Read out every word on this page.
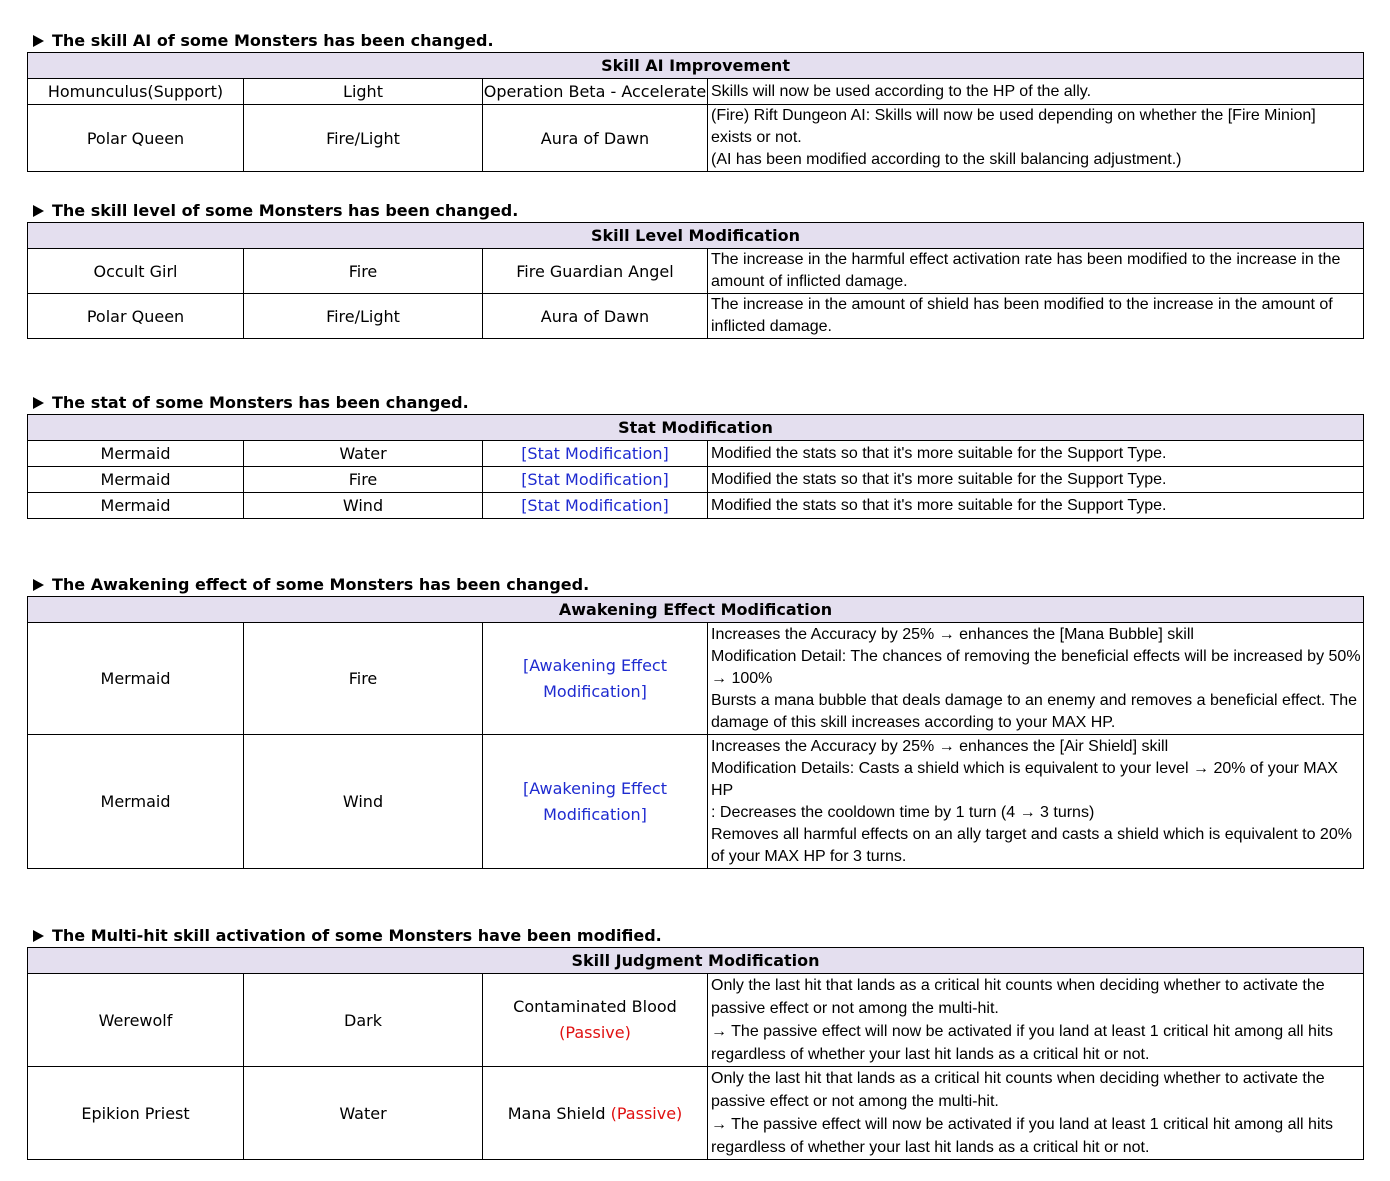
The skill AI of some Monsters has been changed.
Skill AI Improvement			
Homunculus(Support)	Light	Operation Beta - Accelerate	Skills will now be used according to the HP of the ally.

Polar Queen	Fire/Light	Aura of Dawn	(Fire) Rift Dungeon AI: Skills will now be used depending on whether the [Fire Minion] exists or not.
(AI has been modified according to the skill balancing adjustment.)
The skill level of some Monsters has been changed.
Skill Level Modification			
Occult Girl	Fire	Fire Guardian Angel	The increase in the harmful effect activation rate has been modified to the increase in the amount of inflicted damage.

Polar Queen	Fire/Light	Aura of Dawn	The increase in the amount of shield has been modified to the increase in the amount of inflicted damage.
The stat of some Monsters has been changed.
Stat Modification			
Mermaid	Water	[Stat Modification]	Modified the stats so that it's more suitable for the Support Type.

Mermaid	Fire	[Stat Modification]	Modified the stats so that it's more suitable for the Support Type.

Mermaid	Wind	[Stat Modification]	Modified the stats so that it's more suitable for the Support Type.
The Awakening effect of some Monsters has been changed.
Awakening Effect Modification			
Mermaid	Fire	[Awakening Effect
Modification]	Increases the Accuracy by 25% → enhances the [Mana Bubble] skill
Modification Detail: The chances of removing the beneficial effects will be increased by 50% → 100%
Bursts a mana bubble that deals damage to an enemy and removes a beneficial effect. The damage of this skill increases according to your MAX HP.

Mermaid	Wind	[Awakening Effect
Modification]	Increases the Accuracy by 25% → enhances the [Air Shield] skill
Modification Details: Casts a shield which is equivalent to your level → 20% of your MAX HP
: Decreases the cooldown time by 1 turn (4 → 3 turns)
Removes all harmful effects on an ally target and casts a shield which is equivalent to 20% of your MAX HP for 3 turns.
The Multi-hit skill activation of some Monsters have been modified.
Skill Judgment Modification			
Werewolf	Dark	Contaminated Blood
(Passive)	Only the last hit that lands as a critical hit counts when deciding whether to activate the passive effect or not among the multi-hit.
→ The passive effect will now be activated if you land at least 1 critical hit among all hits regardless of whether your last hit lands as a critical hit or not.

Epikion Priest	Water	Mana Shield (Passive)	Only the last hit that lands as a critical hit counts when deciding whether to activate the passive effect or not among the multi-hit.
→ The passive effect will now be activated if you land at least 1 critical hit among all hits regardless of whether your last hit lands as a critical hit or not.
